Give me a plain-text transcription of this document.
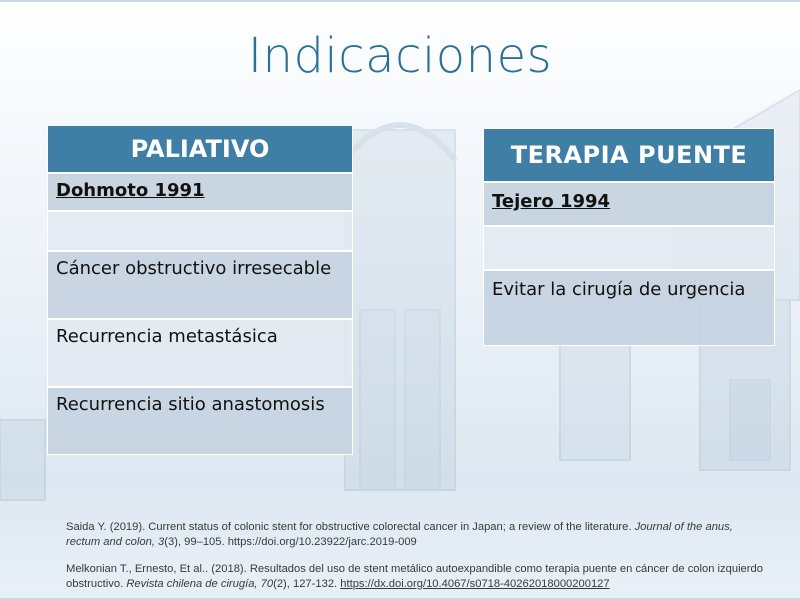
Indicaciones
PALIATIVO
Dohmoto 1991
Cáncer obstructivo irresecable
Recurrencia metastásica
Recurrencia sitio anastomosis
TERAPIA PUENTE
Tejero 1994
Evitar la cirugía de urgencia
Saida Y. (2019). Current status of colonic stent for obstructive colorectal cancer in Japan; a review of the literature. Journal of the anus, rectum and colon, 3(3), 99–105. https://doi.org/10.23922/jarc.2019-009
Melkonian T., Ernesto, Et al.. (2018). Resultados del uso de stent metálico autoexpandible como terapia puente en cáncer de colon izquierdo obstructivo. Revista chilena de cirugía, 70(2), 127-132. https://dx.doi.org/10.4067/s0718-40262018000200127
